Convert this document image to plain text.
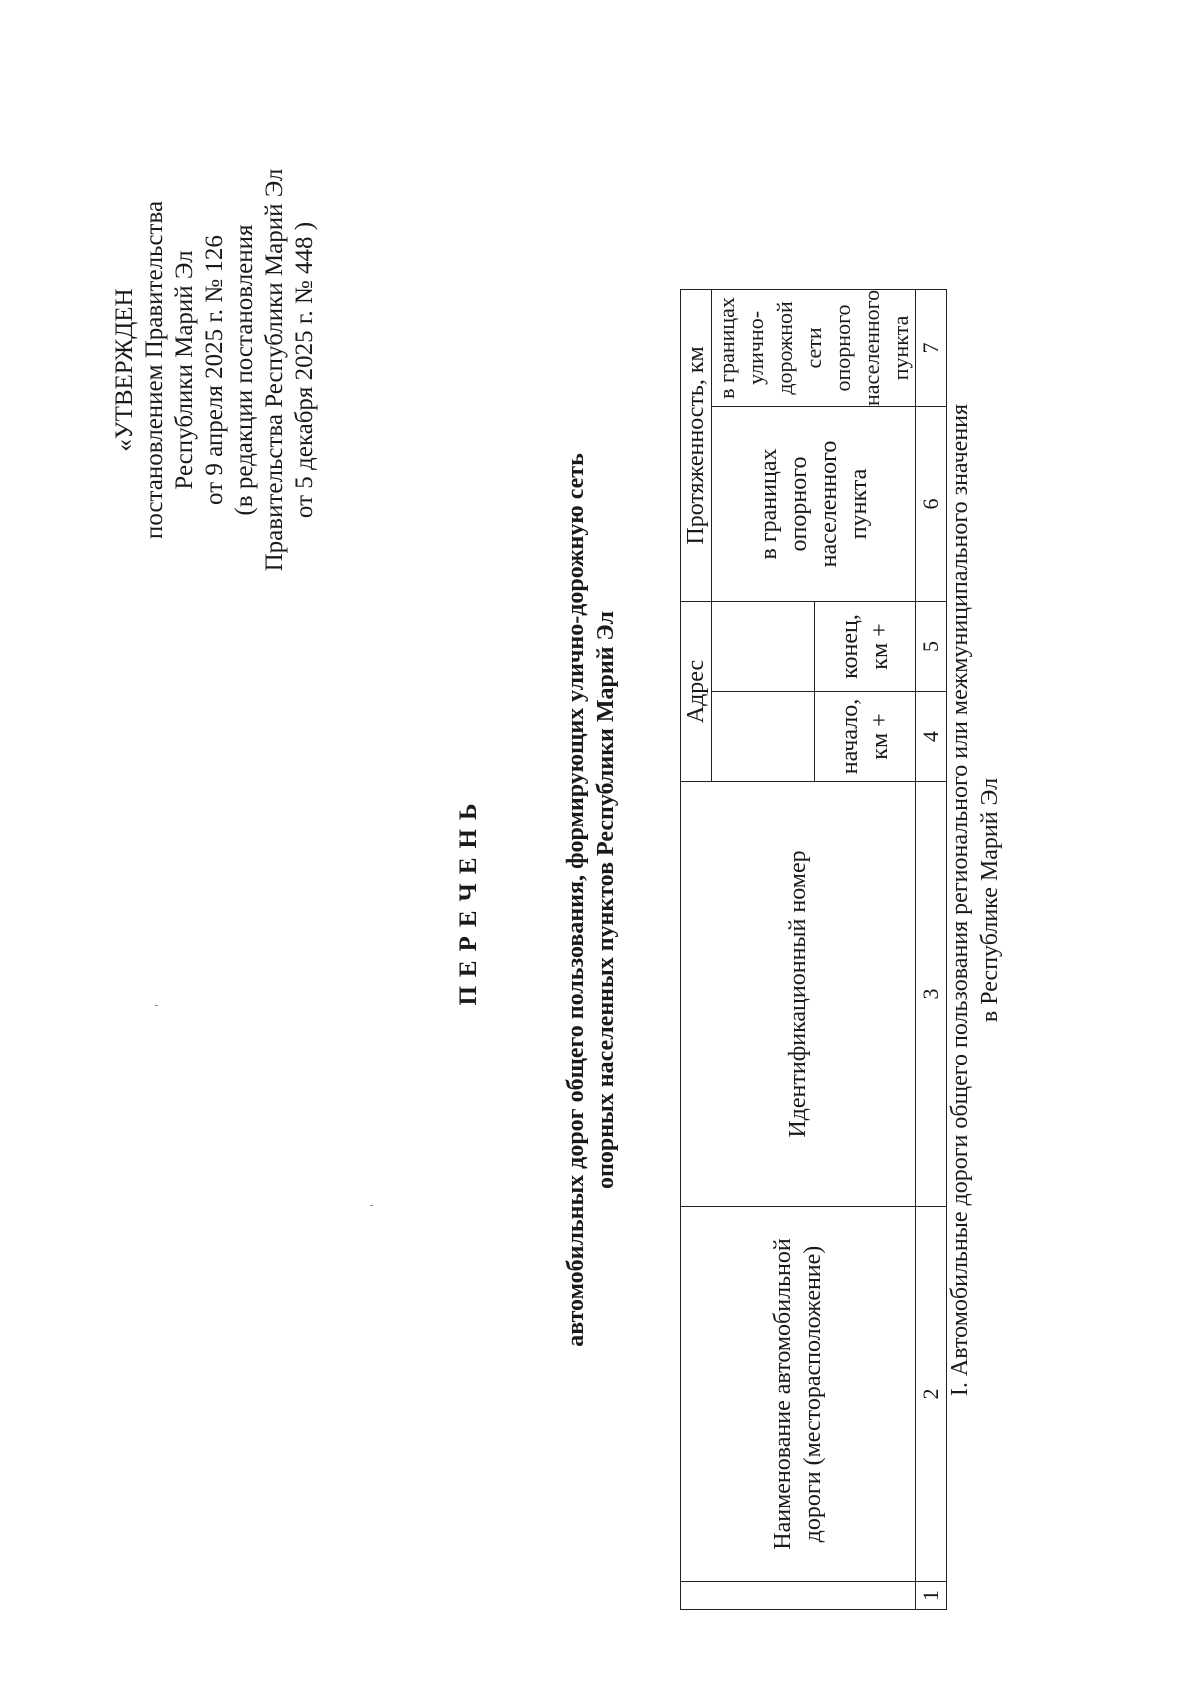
«УТВЕРЖДЕН постановлением Правительства Республики Марий Эл от 9 апреля 2025 г. № 126 (в редакции постановления Правительства Республики Марий Эл от 5 декабря 2025 г. № 448 )
ПЕРЕЧЕНЬ	автомобильных дорог общего пользования, формирующих улично-дорожную сеть опорных населенных пунктов Республики Марий Эл
	Наименование автомобильной дороги (месторасположение)	Идентификационный номер	Адрес		Протяженность, км	
					в границах опорного населенного пункта	в границах улично-дорожной сети опорного населенного пункта
			начало, км +	конец, км +		
1	2	3	4	5	6	7
I. Автомобильные дороги общего пользования регионального или межмуниципального значения в Республике Марий Эл
